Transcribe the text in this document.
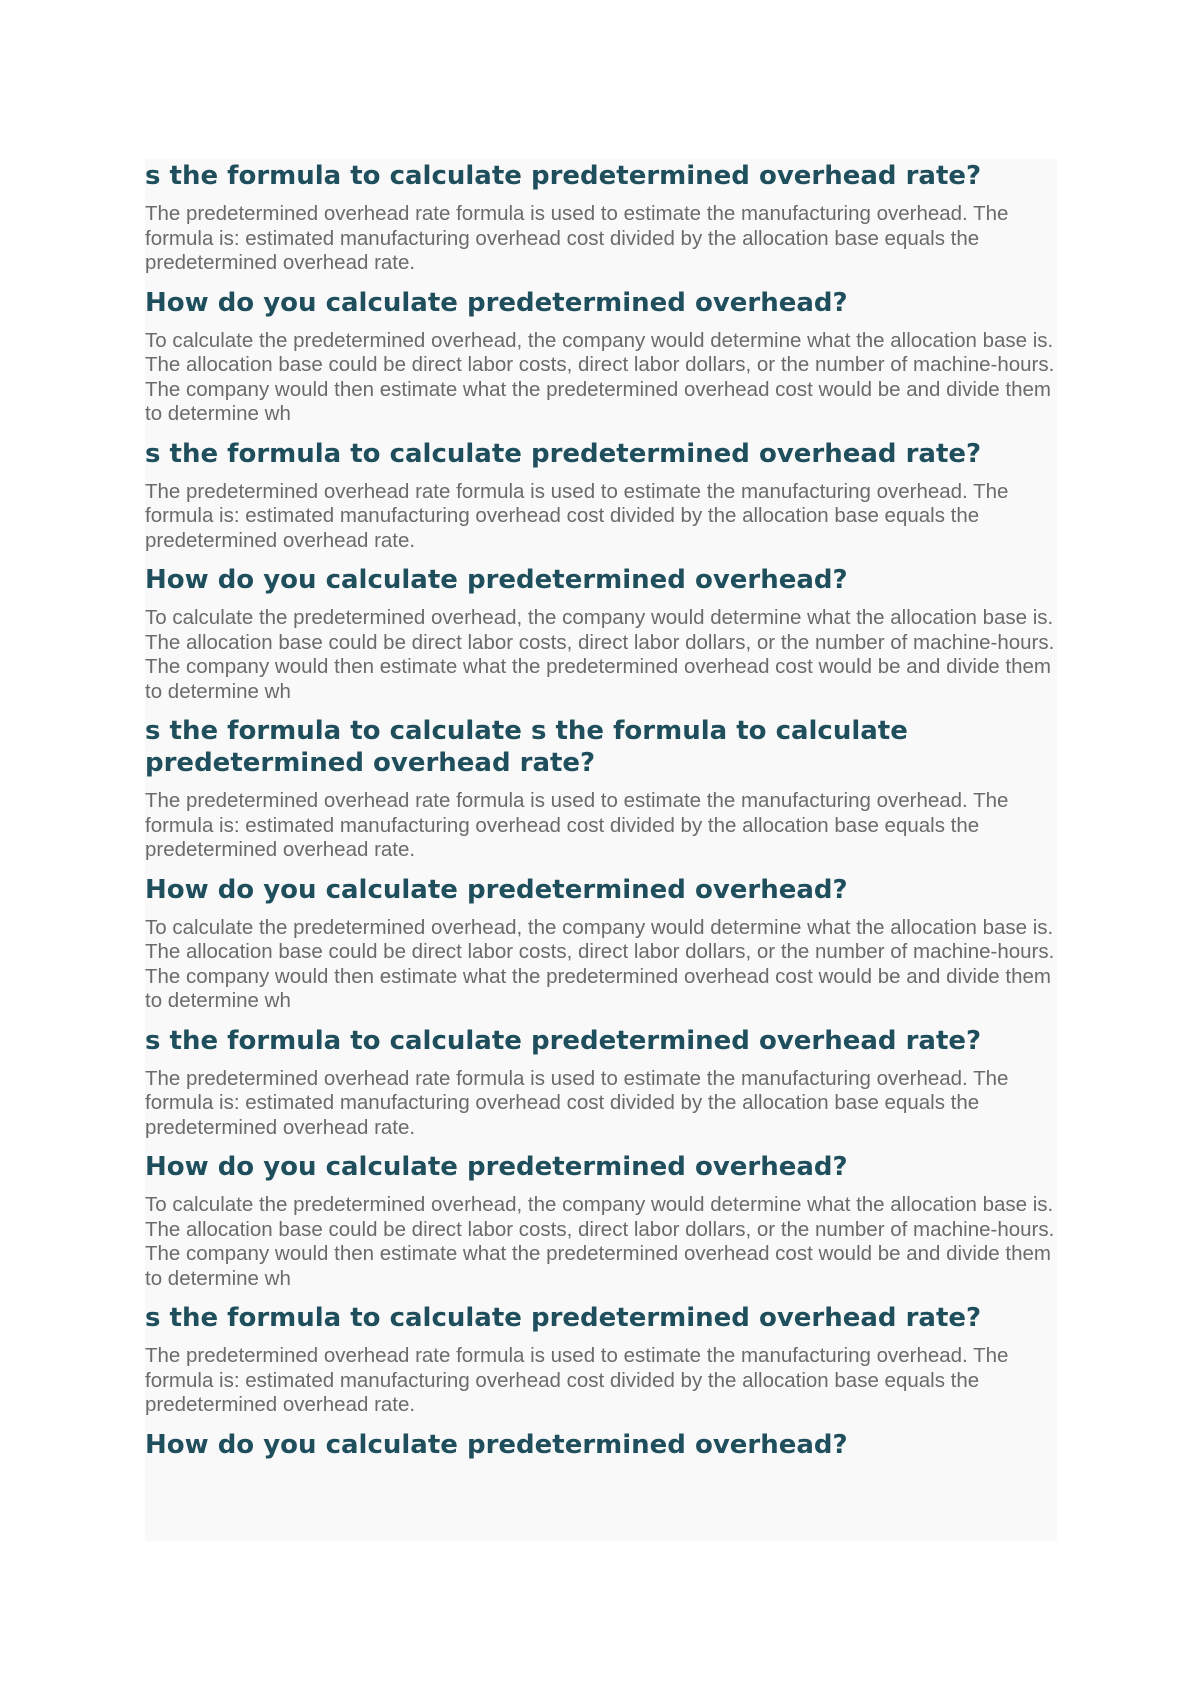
s the formula to calculate predetermined overhead rate?

The predetermined overhead rate formula is used to estimate the manufacturing overhead. The formula is: estimated manufacturing overhead cost divided by the allocation base equals the predetermined overhead rate.

How do you calculate predetermined overhead?

To calculate the predetermined overhead, the company would determine what the allocation base is. The allocation base could be direct labor costs, direct labor dollars, or the number of machine-hours. The company would then estimate what the predetermined overhead cost would be and divide them to determine wh

s the formula to calculate predetermined overhead rate?

The predetermined overhead rate formula is used to estimate the manufacturing overhead. The formula is: estimated manufacturing overhead cost divided by the allocation base equals the predetermined overhead rate.

How do you calculate predetermined overhead?

To calculate the predetermined overhead, the company would determine what the allocation base is. The allocation base could be direct labor costs, direct labor dollars, or the number of machine-hours. The company would then estimate what the predetermined overhead cost would be and divide them to determine wh

s the formula to calculate s the formula to calculate predetermined overhead rate?

The predetermined overhead rate formula is used to estimate the manufacturing overhead. The formula is: estimated manufacturing overhead cost divided by the allocation base equals the predetermined overhead rate.

How do you calculate predetermined overhead?

To calculate the predetermined overhead, the company would determine what the allocation base is. The allocation base could be direct labor costs, direct labor dollars, or the number of machine-hours. The company would then estimate what the predetermined overhead cost would be and divide them to determine wh

s the formula to calculate predetermined overhead rate?

The predetermined overhead rate formula is used to estimate the manufacturing overhead. The formula is: estimated manufacturing overhead cost divided by the allocation base equals the predetermined overhead rate.

How do you calculate predetermined overhead?

To calculate the predetermined overhead, the company would determine what the allocation base is. The allocation base could be direct labor costs, direct labor dollars, or the number of machine-hours. The company would then estimate what the predetermined overhead cost would be and divide them to determine wh

s the formula to calculate predetermined overhead rate?

The predetermined overhead rate formula is used to estimate the manufacturing overhead. The formula is: estimated manufacturing overhead cost divided by the allocation base equals the predetermined overhead rate.

How do you calculate predetermined overhead?
